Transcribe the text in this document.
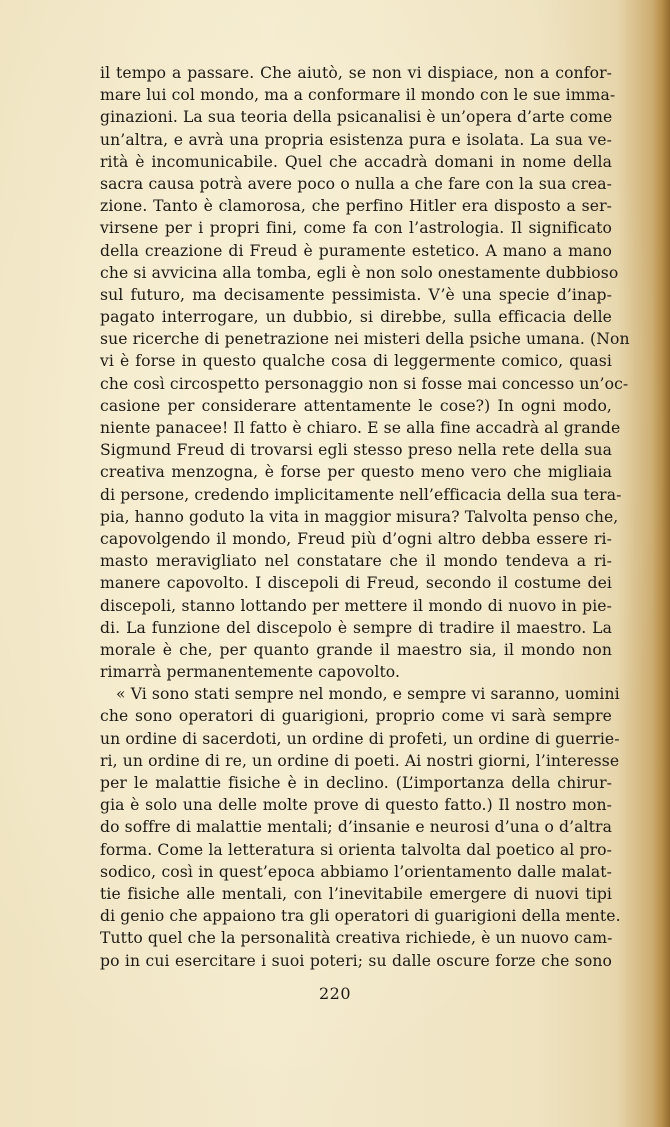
il tempo a passare. Che aiutò, se non vi dispiace, non a confor-
mare lui col mondo, ma a conformare il mondo con le sue imma-
ginazioni. La sua teoria della psicanalisi è un’opera d’arte come
un’altra, e avrà una propria esistenza pura e isolata. La sua ve-
rità è incomunicabile. Quel che accadrà domani in nome della
sacra causa potrà avere poco o nulla a che fare con la sua crea-
zione. Tanto è clamorosa, che perfino Hitler era disposto a ser-
virsene per i propri fini, come fa con l’astrologia. Il significato
della creazione di Freud è puramente estetico. A mano a mano
che si avvicina alla tomba, egli è non solo onestamente dubbioso
sul futuro, ma decisamente pessimista. V’è una specie d’inap-
pagato interrogare, un dubbio, si direbbe, sulla efficacia delle
sue ricerche di penetrazione nei misteri della psiche umana. (Non
vi è forse in questo qualche cosa di leggermente comico, quasi
che così circospetto personaggio non si fosse mai concesso un’oc-
casione per considerare attentamente le cose?) In ogni modo,
niente panacee! Il fatto è chiaro. E se alla fine accadrà al grande
Sigmund Freud di trovarsi egli stesso preso nella rete della sua
creativa menzogna, è forse per questo meno vero che migliaia
di persone, credendo implicitamente nell’efficacia della sua tera-
pia, hanno goduto la vita in maggior misura? Talvolta penso che,
capovolgendo il mondo, Freud più d’ogni altro debba essere ri-
masto meravigliato nel constatare che il mondo tendeva a ri-
manere capovolto. I discepoli di Freud, secondo il costume dei
discepoli, stanno lottando per mettere il mondo di nuovo in pie-
di. La funzione del discepolo è sempre di tradire il maestro. La
morale è che, per quanto grande il maestro sia, il mondo non
rimarrà permanentemente capovolto.
« Vi sono stati sempre nel mondo, e sempre vi saranno, uomini
che sono operatori di guarigioni, proprio come vi sarà sempre
un ordine di sacerdoti, un ordine di profeti, un ordine di guerrie-
ri, un ordine di re, un ordine di poeti. Ai nostri giorni, l’interesse
per le malattie fisiche è in declino. (L’importanza della chirur-
gia è solo una delle molte prove di questo fatto.) Il nostro mon-
do soffre di malattie mentali; d’insanie e neurosi d’una o d’altra
forma. Come la letteratura si orienta talvolta dal poetico al pro-
sodico, così in quest’epoca abbiamo l’orientamento dalle malat-
tie fisiche alle mentali, con l’inevitabile emergere di nuovi tipi
di genio che appaiono tra gli operatori di guarigioni della mente.
Tutto quel che la personalità creativa richiede, è un nuovo cam-
po in cui esercitare i suoi poteri; su dalle oscure forze che sono
220
